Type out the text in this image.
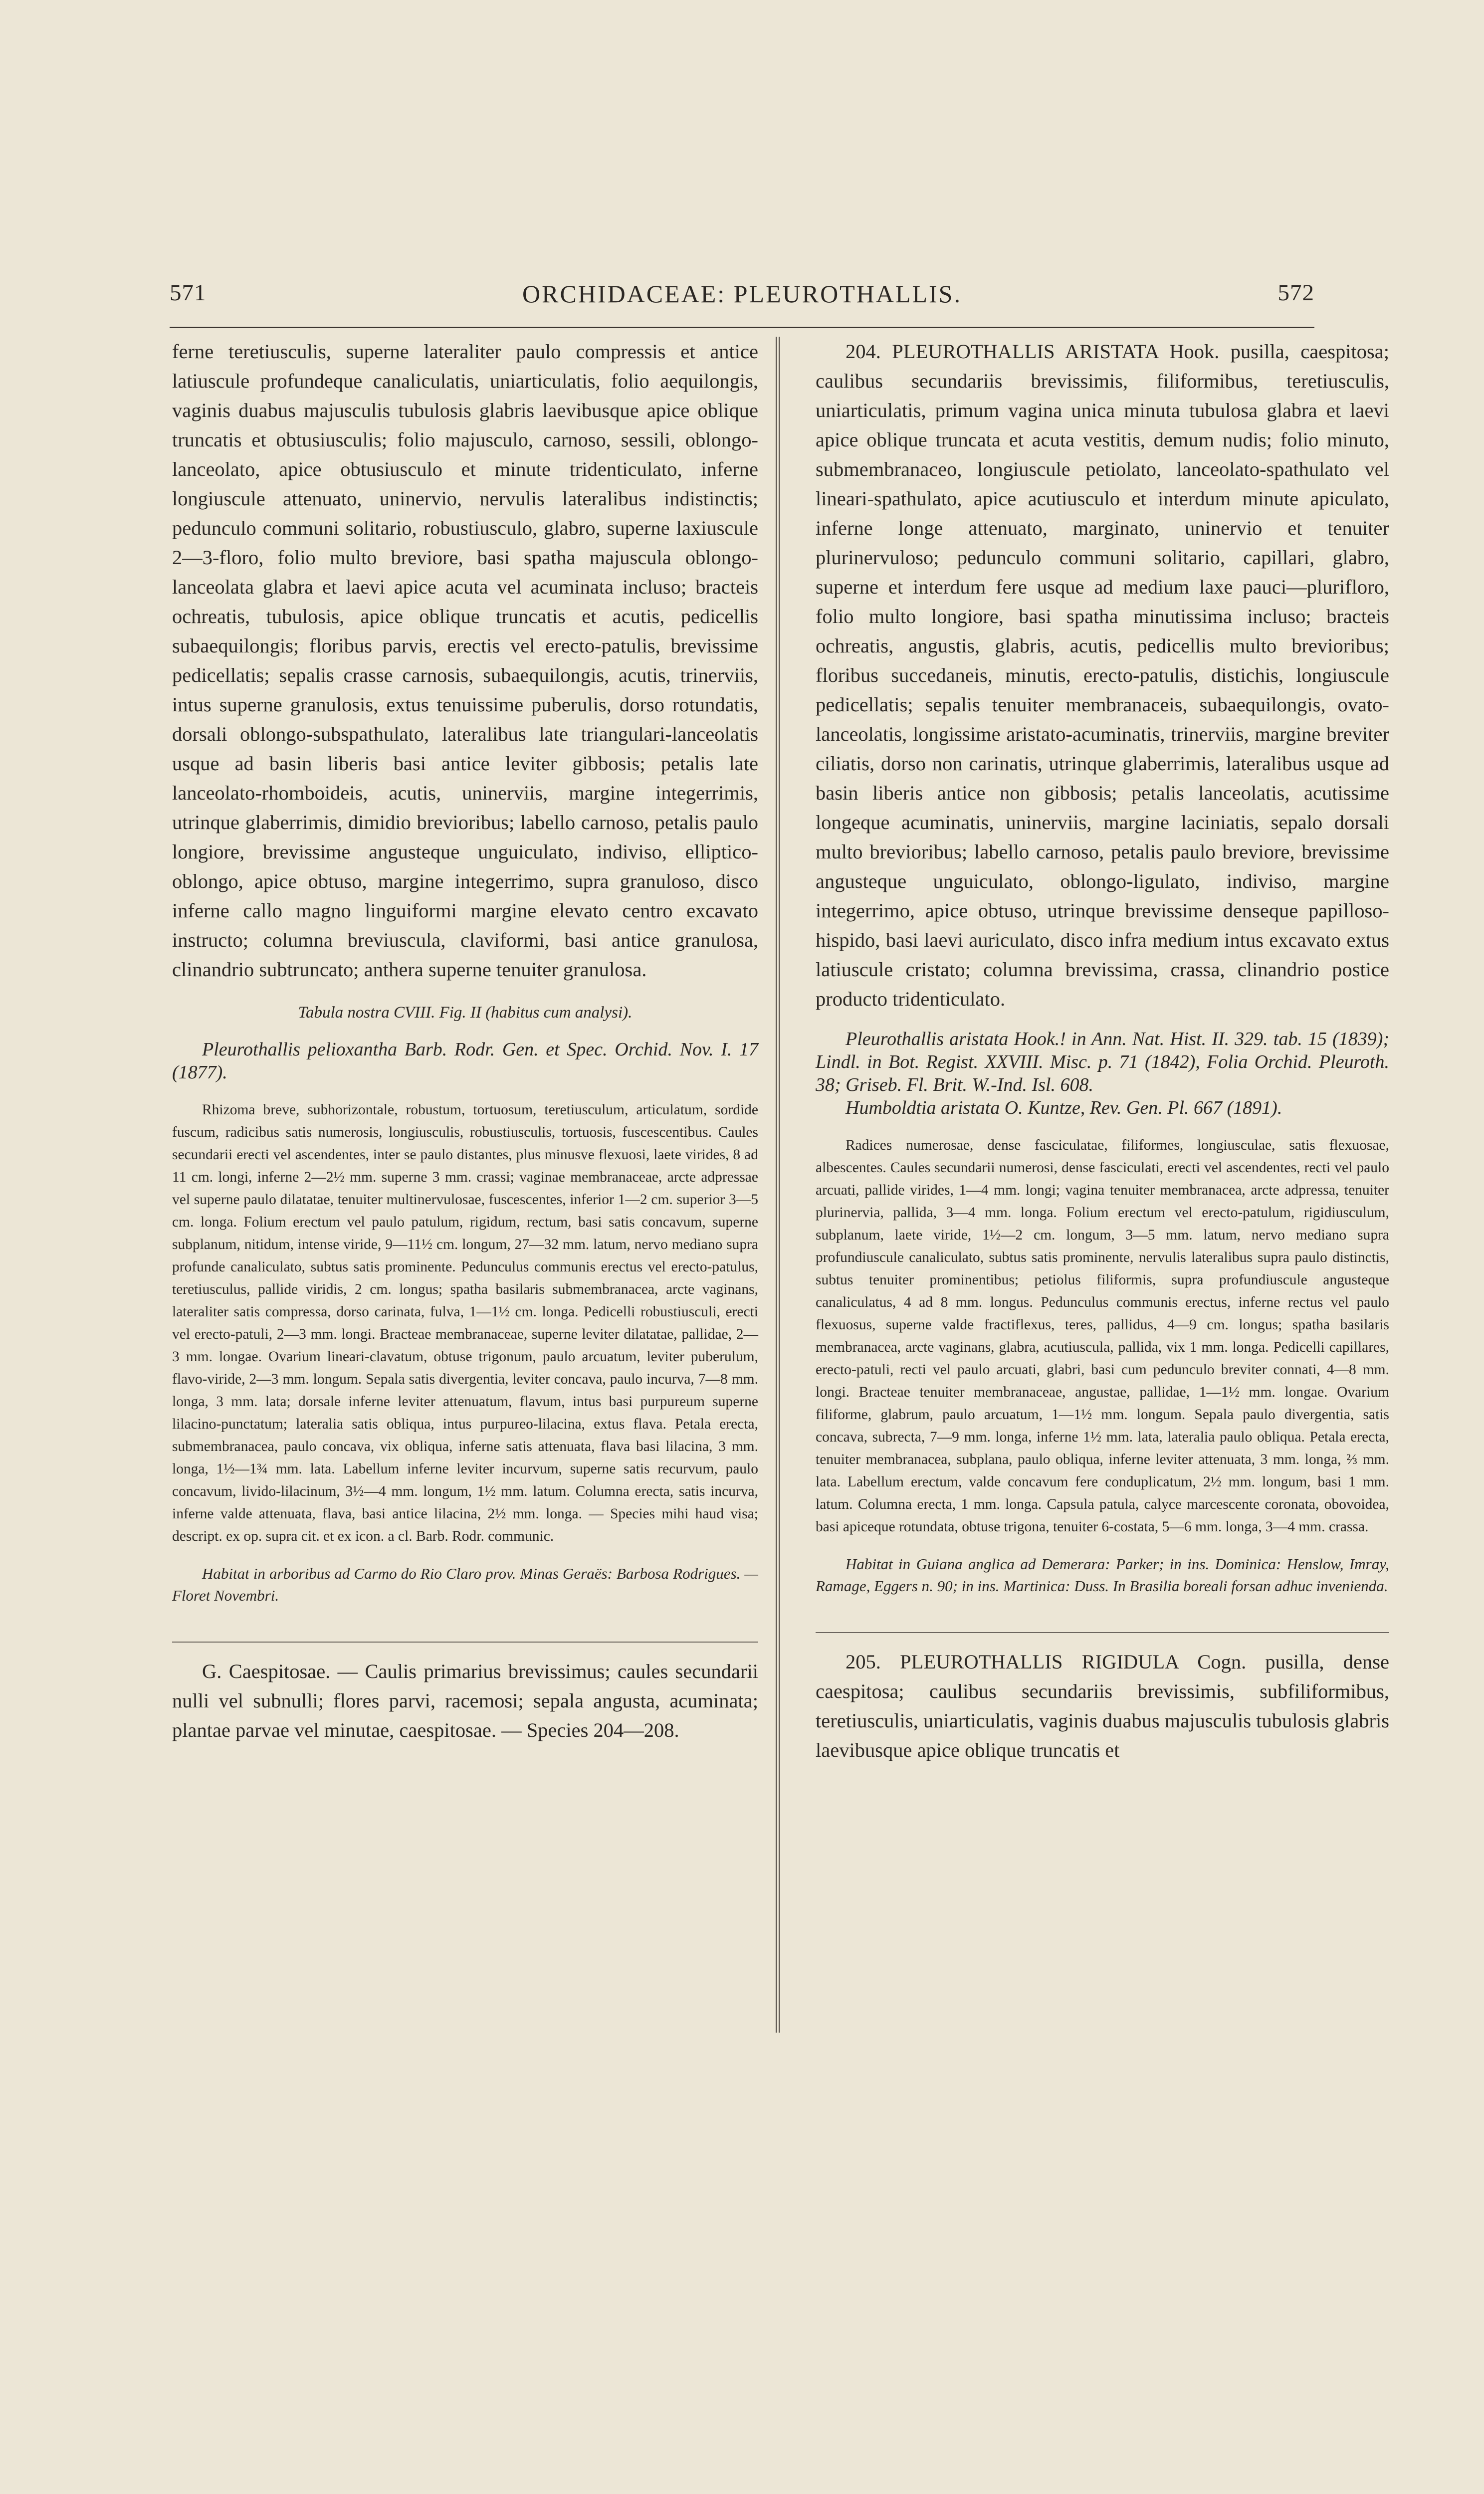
571	ORCHIDACEAE: PLEUROTHALLIS.	572

ferne teretiusculis, superne lateraliter paulo compressis et antice latiuscule profundeque canaliculatis, uniarticulatis, folio aequilongis, vaginis duabus majusculis tubulosis glabris laevibusque apice oblique truncatis et obtusiusculis; folio majusculo, carnoso, sessili, oblongo-lanceolato, apice obtusiusculo et minute tridenticulato, inferne longiuscule attenuato, uninervio, nervulis lateralibus indistinctis; pedunculo communi solitario, robustiusculo, glabro, superne laxiuscule 2—3-floro, folio multo breviore, basi spatha majuscula oblongo-lanceolata glabra et laevi apice acuta vel acuminata incluso; bracteis ochreatis, tubulosis, apice oblique truncatis et acutis, pedicellis subaequilongis; floribus parvis, erectis vel erecto-patulis, brevissime pedicellatis; sepalis crasse carnosis, subaequilongis, acutis, trinerviis, intus superne granulosis, extus tenuissime puberulis, dorso rotundatis, dorsali oblongo-subspathulato, lateralibus late triangulari-lanceolatis usque ad basin liberis basi antice leviter gibbosis; petalis late lanceolato-rhomboideis, acutis, uninerviis, margine integerrimis, utrinque glaberrimis, dimidio brevioribus; labello carnoso, petalis paulo longiore, brevissime angusteque unguiculato, indiviso, elliptico-oblongo, apice obtuso, margine integerrimo, supra granuloso, disco inferne callo magno linguiformi margine elevato centro excavato instructo; columna breviuscula, claviformi, basi antice granulosa, clinandrio subtruncato; anthera superne tenuiter granulosa.

Tabula nostra CVIII. Fig. II (habitus cum analysi).

Pleurothallis pelioxantha Barb. Rodr. Gen. et Spec. Orchid. Nov. I. 17 (1877).

Rhizoma breve, subhorizontale, robustum, tortuosum, teretiusculum, articulatum, sordide fuscum, radicibus satis numerosis, longiusculis, robustiusculis, tortuosis, fuscescentibus. Caules secundarii erecti vel ascendentes, inter se paulo distantes, plus minusve flexuosi, laete virides, 8 ad 11 cm. longi, inferne 2—2½ mm. superne 3 mm. crassi; vaginae membranaceae, arcte adpressae vel superne paulo dilatatae, tenuiter multinervulosae, fuscescentes, inferior 1—2 cm. superior 3—5 cm. longa. Folium erectum vel paulo patulum, rigidum, rectum, basi satis concavum, superne subplanum, nitidum, intense viride, 9—11½ cm. longum, 27—32 mm. latum, nervo mediano supra profunde canaliculato, subtus satis prominente. Pedunculus communis erectus vel erecto-patulus, teretiusculus, pallide viridis, 2 cm. longus; spatha basilaris submembranacea, arcte vaginans, lateraliter satis compressa, dorso carinata, fulva, 1—1½ cm. longa. Pedicelli robustiusculi, erecti vel erecto-patuli, 2—3 mm. longi. Bracteae membranaceae, superne leviter dilatatae, pallidae, 2—3 mm. longae. Ovarium lineari-clavatum, obtuse trigonum, paulo arcuatum, leviter puberulum, flavo-viride, 2—3 mm. longum. Sepala satis divergentia, leviter concava, paulo incurva, 7—8 mm. longa, 3 mm. lata; dorsale inferne leviter attenuatum, flavum, intus basi purpureum superne lilacino-punctatum; lateralia satis obliqua, intus purpureo-lilacina, extus flava. Petala erecta, submembranacea, paulo concava, vix obliqua, inferne satis attenuata, flava basi lilacina, 3 mm. longa, 1½—1¾ mm. lata. Labellum inferne leviter incurvum, superne satis recurvum, paulo concavum, livido-lilacinum, 3½—4 mm. longum, 1½ mm. latum. Columna erecta, satis incurva, inferne valde attenuata, flava, basi antice lilacina, 2½ mm. longa. — Species mihi haud visa; descript. ex op. supra cit. et ex icon. a cl. Barb. Rodr. communic.

Habitat in arboribus ad Carmo do Rio Claro prov. Minas Geraës: Barbosa Rodrigues. — Floret Novembri.

G. Caespitosae. — Caulis primarius brevissimus; caules secundarii nulli vel subnulli; flores parvi, racemosi; sepala angusta, acuminata; plantae parvae vel minutae, caespitosae. — Species 204—208.

204. PLEUROTHALLIS ARISTATA Hook. pusilla, caespitosa; caulibus secundariis brevissimis, filiformibus, teretiusculis, uniarticulatis, primum vagina unica minuta tubulosa glabra et laevi apice oblique truncata et acuta vestitis, demum nudis; folio minuto, submembranaceo, longiuscule petiolato, lanceolato-spathulato vel lineari-spathulato, apice acutiusculo et interdum minute apiculato, inferne longe attenuato, marginato, uninervio et tenuiter plurinervuloso; pedunculo communi solitario, capillari, glabro, superne et interdum fere usque ad medium laxe pauci—plurifloro, folio multo longiore, basi spatha minutissima incluso; bracteis ochreatis, angustis, glabris, acutis, pedicellis multo brevioribus; floribus succedaneis, minutis, erecto-patulis, distichis, longiuscule pedicellatis; sepalis tenuiter membranaceis, subaequilongis, ovato-lanceolatis, longissime aristato-acuminatis, trinerviis, margine breviter ciliatis, dorso non carinatis, utrinque glaberrimis, lateralibus usque ad basin liberis antice non gibbosis; petalis lanceolatis, acutissime longeque acuminatis, uninerviis, margine laciniatis, sepalo dorsali multo brevioribus; labello carnoso, petalis paulo breviore, brevissime angusteque unguiculato, oblongo-ligulato, indiviso, margine integerrimo, apice obtuso, utrinque brevissime denseque papilloso-hispido, basi laevi auriculato, disco infra medium intus excavato extus latiuscule cristato; columna brevissima, crassa, clinandrio postice producto tridenticulato.

Pleurothallis aristata Hook.! in Ann. Nat. Hist. II. 329. tab. 15 (1839); Lindl. in Bot. Regist. XXVIII. Misc. p. 71 (1842), Folia Orchid. Pleuroth. 38; Griseb. Fl. Brit. W.-Ind. Isl. 608.

Humboldtia aristata O. Kuntze, Rev. Gen. Pl. 667 (1891).

Radices numerosae, dense fasciculatae, filiformes, longiusculae, satis flexuosae, albescentes. Caules secundarii numerosi, dense fasciculati, erecti vel ascendentes, recti vel paulo arcuati, pallide virides, 1—4 mm. longi; vagina tenuiter membranacea, arcte adpressa, tenuiter plurinervia, pallida, 3—4 mm. longa. Folium erectum vel erecto-patulum, rigidiusculum, subplanum, laete viride, 1½—2 cm. longum, 3—5 mm. latum, nervo mediano supra profundiuscule canaliculato, subtus satis prominente, nervulis lateralibus supra paulo distinctis, subtus tenuiter prominentibus; petiolus filiformis, supra profundiuscule angusteque canaliculatus, 4 ad 8 mm. longus. Pedunculus communis erectus, inferne rectus vel paulo flexuosus, superne valde fractiflexus, teres, pallidus, 4—9 cm. longus; spatha basilaris membranacea, arcte vaginans, glabra, acutiuscula, pallida, vix 1 mm. longa. Pedicelli capillares, erecto-patuli, recti vel paulo arcuati, glabri, basi cum pedunculo breviter connati, 4—8 mm. longi. Bracteae tenuiter membranaceae, angustae, pallidae, 1—1½ mm. longae. Ovarium filiforme, glabrum, paulo arcuatum, 1—1½ mm. longum. Sepala paulo divergentia, satis concava, subrecta, 7—9 mm. longa, inferne 1½ mm. lata, lateralia paulo obliqua. Petala erecta, tenuiter membranacea, subplana, paulo obliqua, inferne leviter attenuata, 3 mm. longa, ⅔ mm. lata. Labellum erectum, valde concavum fere conduplicatum, 2½ mm. longum, basi 1 mm. latum. Columna erecta, 1 mm. longa. Capsula patula, calyce marcescente coronata, obovoidea, basi apiceque rotundata, obtuse trigona, tenuiter 6-costata, 5—6 mm. longa, 3—4 mm. crassa.

Habitat in Guiana anglica ad Demerara: Parker; in ins. Dominica: Henslow, Imray, Ramage, Eggers n. 90; in ins. Martinica: Duss. In Brasilia boreali forsan adhuc invenienda.

205. PLEUROTHALLIS RIGIDULA Cogn. pusilla, dense caespitosa; caulibus secundariis brevissimis, subfiliformibus, teretiusculis, uniarticulatis, vaginis duabus majusculis tubulosis glabris laevibusque apice oblique truncatis et
